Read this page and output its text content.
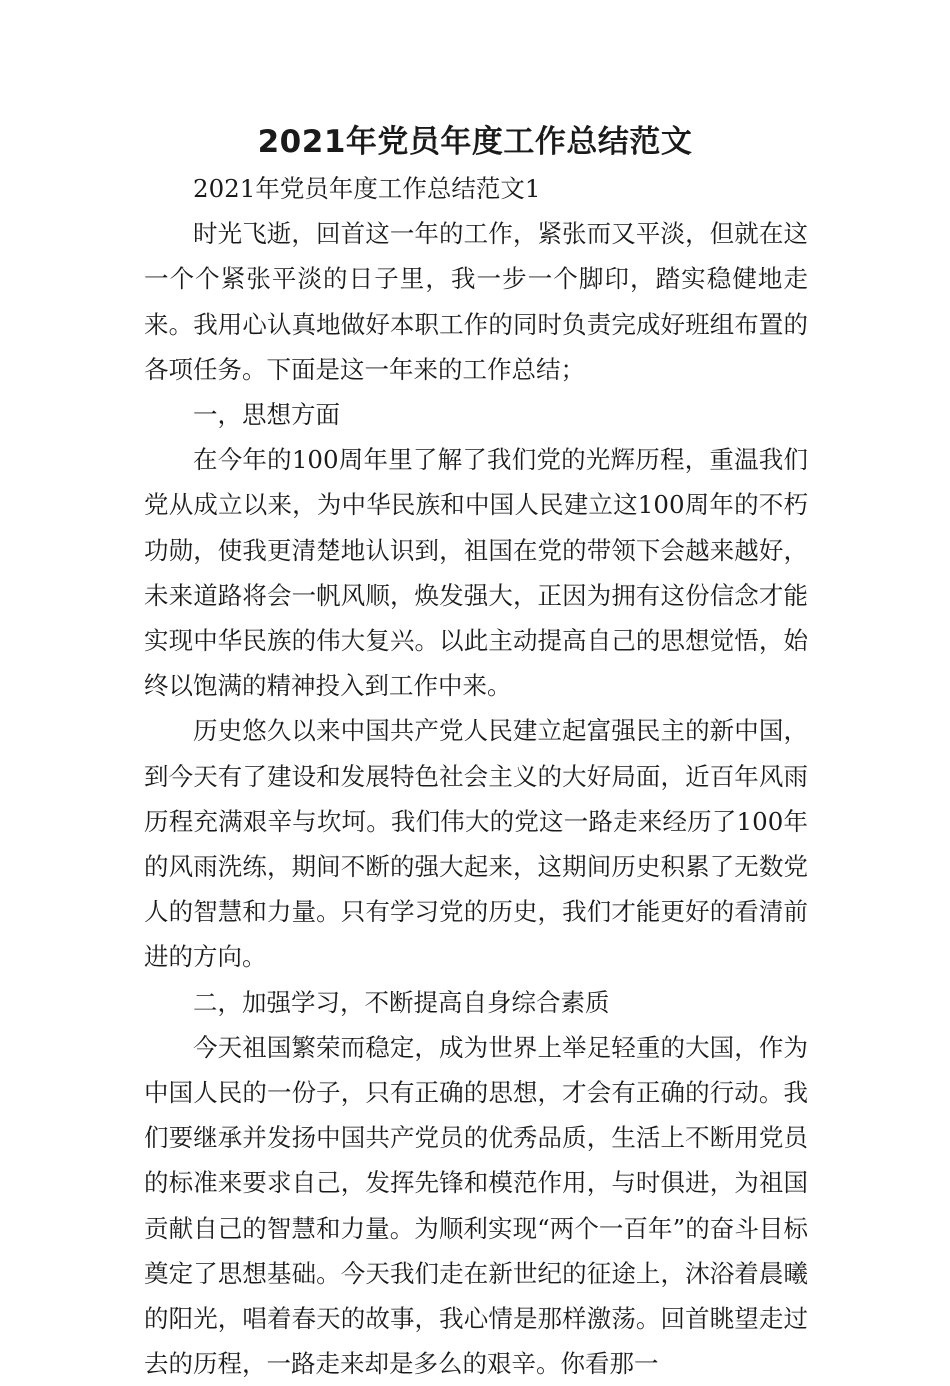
2021年党员年度工作总结范文

2021年党员年度工作总结范文1

时光飞逝，回首这一年的工作，紧张而又平淡，但就在这一个个紧张平淡的日子里，我一步一个脚印，踏实稳健地走来。我用心认真地做好本职工作的同时负责完成好班组布置的各项任务。下面是这一年来的工作总结；

一，思想方面

在今年的100周年里了解了我们党的光辉历程，重温我们党从成立以来，为中华民族和中国人民建立这100周年的不朽功勋，使我更清楚地认识到，祖国在党的带领下会越来越好，未来道路将会一帆风顺，焕发强大，正因为拥有这份信念才能实现中华民族的伟大复兴。以此主动提高自己的思想觉悟，始终以饱满的精神投入到工作中来。

历史悠久以来中国共产党人民建立起富强民主的新中国，到今天有了建设和发展特色社会主义的大好局面，近百年风雨历程充满艰辛与坎坷。我们伟大的党这一路走来经历了100年的风雨洗练，期间不断的强大起来，这期间历史积累了无数党人的智慧和力量。只有学习党的历史，我们才能更好的看清前进的方向。

二，加强学习，不断提高自身综合素质

今天祖国繁荣而稳定，成为世界上举足轻重的大国，作为中国人民的一份子，只有正确的思想，才会有正确的行动。我们要继承并发扬中国共产党员的优秀品质，生活上不断用党员的标准来要求自己，发挥先锋和模范作用，与时俱进，为祖国贡献自己的智慧和力量。为顺利实现“两个一百年”的奋斗目标奠定了思想基础。今天我们走在新世纪的征途上，沐浴着晨曦的阳光，唱着春天的故事，我心情是那样激荡。回首眺望走过去的历程，一路走来却是多么的艰辛。你看那一
